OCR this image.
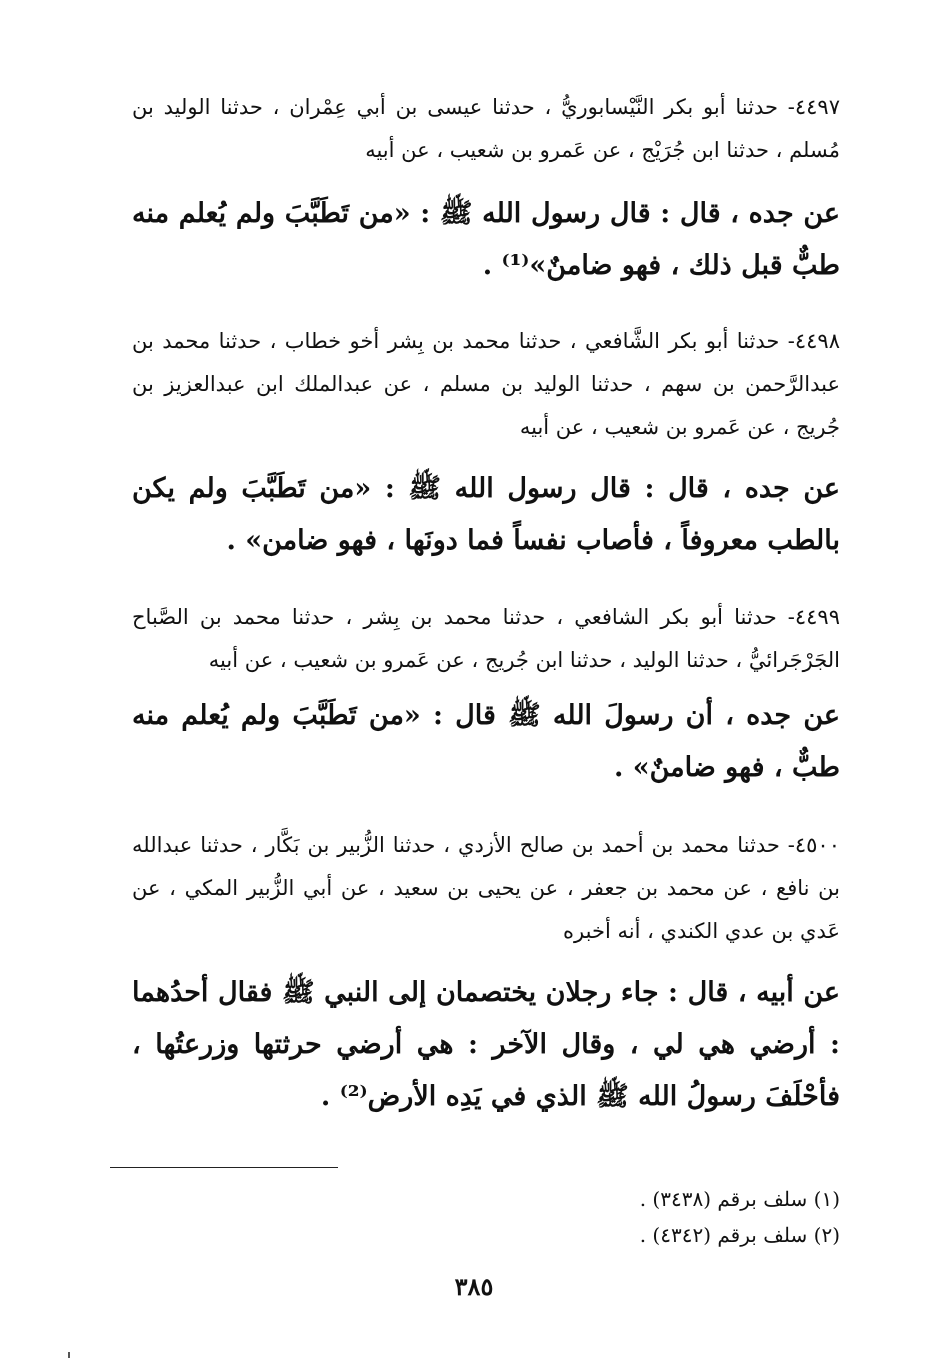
٤٤٩٧- حدثنا أبو بكر النَّيْسابوريُّ ، حدثنا عيسى بن أبي عِمْران ، حدثنا الوليد بن مُسلم ، حدثنا ابن جُرَيْج ، عن عَمرو بن شعيب ، عن أبيه

عن جده ، قال : قال رسول الله ﷺ : «من تَطَبَّبَ ولم يُعلم منه طبٌّ قبل ذلك ، فهو ضامنٌ»⁽¹⁾ .

٤٤٩٨- حدثنا أبو بكر الشَّافعي ، حدثنا محمد بن بِشر أخو خطاب ، حدثنا محمد بن عبدالرَّحمن بن سهم ، حدثنا الوليد بن مسلم ، عن عبدالملك ابن عبدالعزيز بن جُريج ، عن عَمرو بن شعيب ، عن أبيه

عن جده ، قال : قال رسول الله ﷺ : «من تَطَبَّبَ ولم يكن بالطب معروفاً ، فأصاب نفساً فما دونَها ، فهو ضامن» .

٤٤٩٩- حدثنا أبو بكر الشافعي ، حدثنا محمد بن بِشر ، حدثنا محمد بن الصَّباح الجَرْجَرائيُّ ، حدثنا الوليد ، حدثنا ابن جُريج ، عن عَمرو بن شعيب ، عن أبيه

عن جده ، أن رسولَ الله ﷺ قال : «من تَطَبَّبَ ولم يُعلم منه طبٌّ ، فهو ضامنٌ» .

٤٥٠٠- حدثنا محمد بن أحمد بن صالح الأزدي ، حدثنا الزُّبير بن بَكَّار ، حدثنا عبدالله بن نافع ، عن محمد بن جعفر ، عن يحيى بن سعيد ، عن أبي الزُّبير المكي ، عن عَدي بن عدي الكندي ، أنه أخبره

عن أبيه ، قال : جاء رجلان يختصمان إلى النبي ﷺ فقال أحدُهما : أرضي هي لي ، وقال الآخر : هي أرضي حرثتها وزرعتُها ، فأحْلَفَ رسولُ الله ﷺ الذي في يَدِه الأرض⁽²⁾ .

(١) سلف برقم (٣٤٣٨) .
(٢) سلف برقم (٤٣٤٢) .
٣٨٥
